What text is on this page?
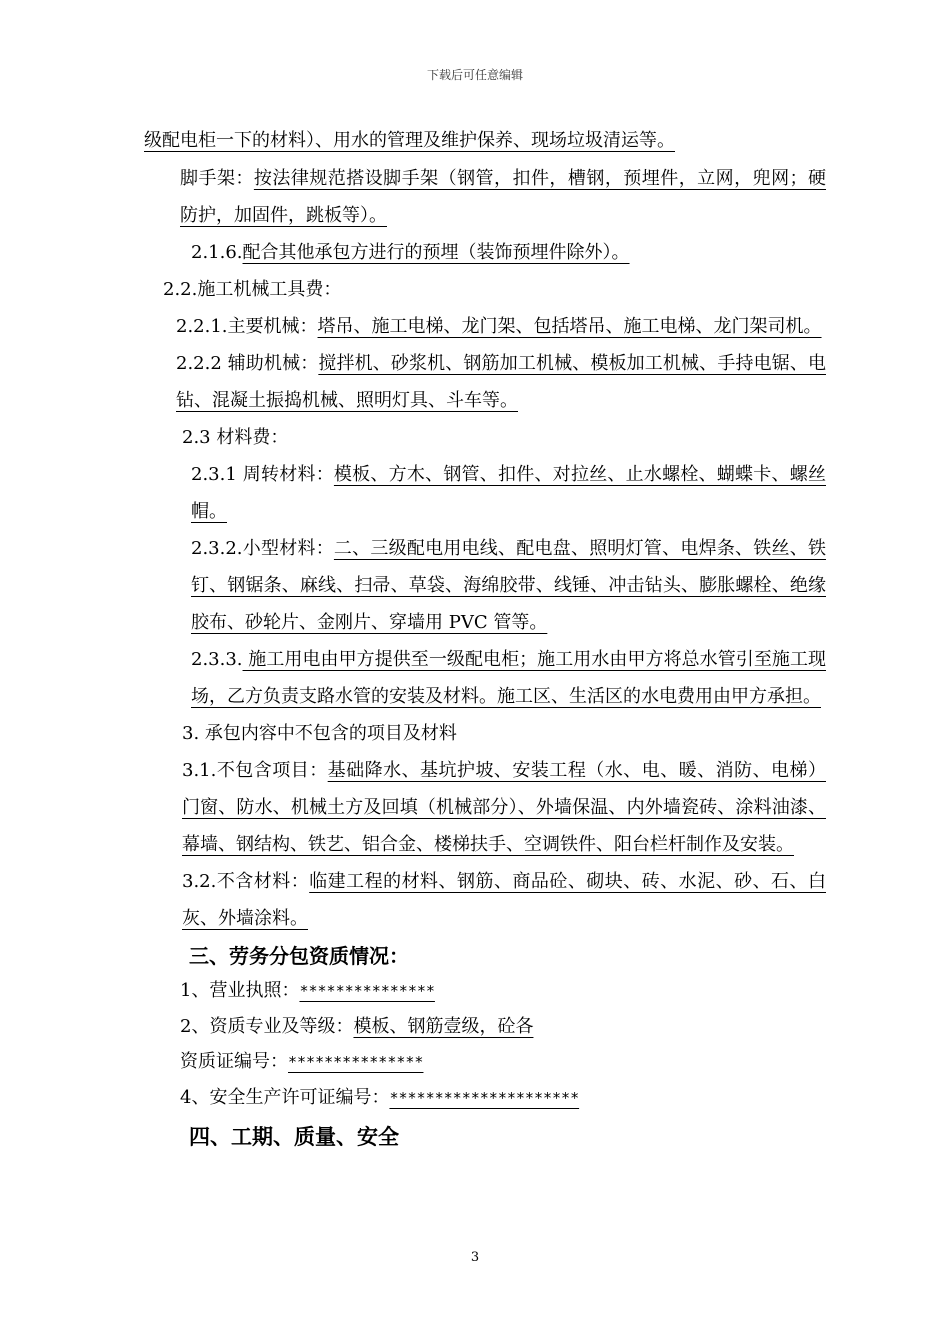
下载后可任意编辑
级配电柜一下的材料）、用水的管理及维护保养、现场垃圾清运等。
脚手架：按法律规范搭设脚手架（钢管，扣件，槽钢，预埋件，立网，兜网；硬防护，加固件，跳板等）。
2.1.6.配合其他承包方进行的预埋（装饰预埋件除外）。
2.2.施工机械工具费：
2.2.1.主要机械：塔吊、施工电梯、龙门架、包括塔吊、施工电梯、龙门架司机。
2.2.2 辅助机械：搅拌机、砂浆机、钢筋加工机械、模板加工机械、手持电锯、电钻、混凝土振捣机械、照明灯具、斗车等。
2.3 材料费：
2.3.1 周转材料：模板、方木、钢管、扣件、对拉丝、止水螺栓、蝴蝶卡、螺丝帽。
2.3.2.小型材料：二、三级配电用电线、配电盘、照明灯管、电焊条、铁丝、铁钉、钢锯条、麻线、扫帚、草袋、海绵胶带、线锤、冲击钻头、膨胀螺栓、绝缘胶布、砂轮片、金刚片、穿墙用 PVC 管等。
2.3.3. 施工用电由甲方提供至一级配电柜；施工用水由甲方将总水管引至施工现场，乙方负责支路水管的安装及材料。施工区、生活区的水电费用由甲方承担。
3. 承包内容中不包含的项目及材料
3.1.不包含项目：基础降水、基坑护坡、安装工程（水、电、暖、消防、电梯）门窗、防水、机械土方及回填（机械部分）、外墙保温、内外墙瓷砖、涂料油漆、幕墙、钢结构、铁艺、铝合金、楼梯扶手、空调铁件、阳台栏杆制作及安装。
3.2.不含材料：临建工程的材料、钢筋、商品砼、砌块、砖、水泥、砂、石、白灰、外墙涂料。
三、劳务分包资质情况：
1、营业执照：***************
2、资质专业及等级：模板、钢筋壹级，砼各
资质证编号：***************
4、安全生产许可证编号：*********************
四、工期、质量、安全
3
